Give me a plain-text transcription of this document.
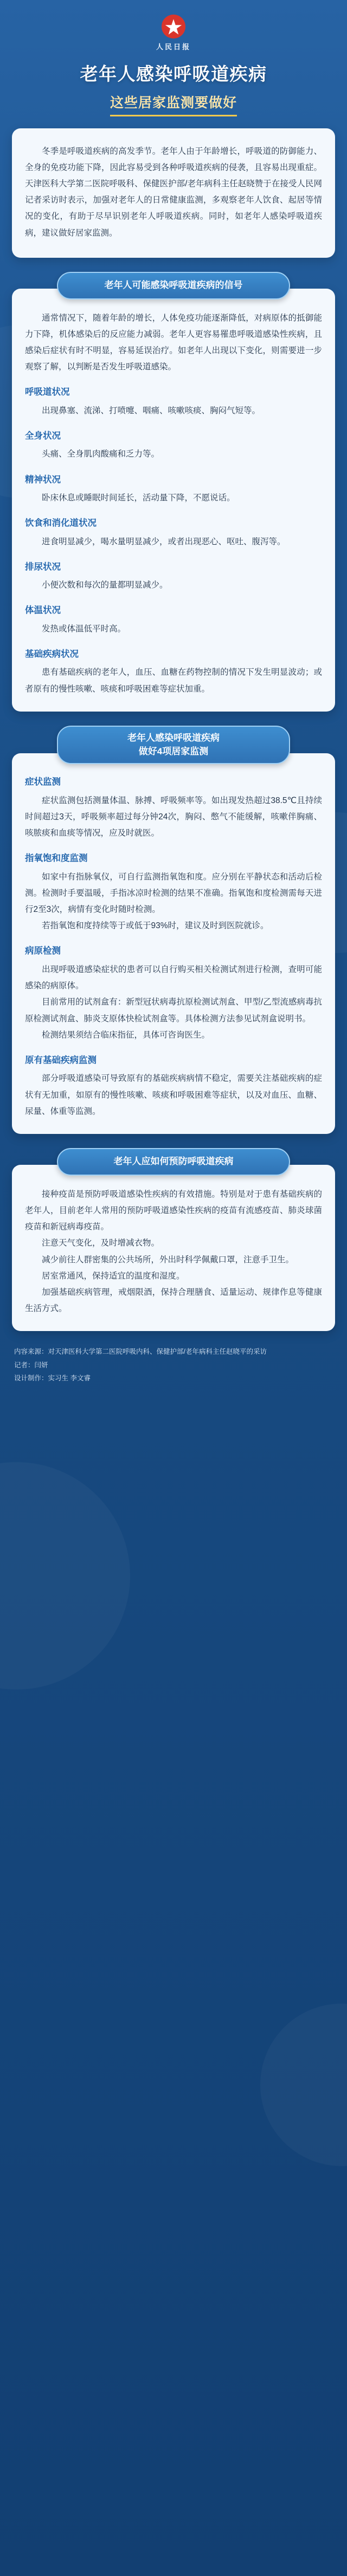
人民日报
老年人感染呼吸道疾病
这些居家监测要做好

冬季是呼吸道疾病的高发季节。老年人由于年龄增长，呼吸道的防御能力、全身的免疫功能下降，因此容易受到各种呼吸道疾病的侵袭，且容易出现重症。天津医科大学第二医院呼吸科、保健医护部/老年病科主任赵晓赞于在接受人民网记者采访时表示，加强对老年人的日常健康监测，多观察老年人饮食、起居等情况的变化，有助于尽早识别老年人呼吸道疾病。同时，如老年人感染呼吸道疾病，建议做好居家监测。

老年人可能感染呼吸道疾病的信号

通常情况下，随着年龄的增长，人体免疫功能逐渐降低，对病原体的抵御能力下降，机体感染后的反应能力减弱。老年人更容易罹患呼吸道感染性疾病，且感染后症状有时不明显，容易延误治疗。如老年人出现以下变化，则需要进一步观察了解，以判断是否发生呼吸道感染。

呼吸道状况

出现鼻塞、流涕、打喷嚏、咽痛、咳嗽咳痰、胸闷气短等。

全身状况

头痛、全身肌肉酸痛和乏力等。

精神状况

卧床休息或睡眠时间延长，活动量下降，不愿说话。

饮食和消化道状况

进食明显减少，喝水量明显减少，或者出现恶心、呕吐、腹泻等。

排尿状况

小便次数和每次的量都明显减少。

体温状况

发热或体温低平时高。

基础疾病状况

患有基础疾病的老年人，血压、血糖在药物控制的情况下发生明显波动；或者原有的慢性咳嗽、咳痰和呼吸困难等症状加重。

老年人感染呼吸道疾病
做好4项居家监测
症状监测

症状监测包括测量体温、脉搏、呼吸频率等。如出现发热超过38.5℃且持续时间超过3天，呼吸频率超过每分钟24次，胸闷、憋气不能缓解，咳嗽伴胸痛、咳脓痰和血痰等情况，应及时就医。

指氧饱和度监测

如家中有指脉氧仪，可自行监测指氧饱和度。应分别在平静状态和活动后检测。检测时手要温暖，手指冰凉时检测的结果不准确。指氧饱和度检测需每天进行2至3次，病情有变化时随时检测。

若指氧饱和度持续等于或低于93%时，建议及时到医院就诊。

病原检测

出现呼吸道感染症状的患者可以自行购买相关检测试剂进行检测，查明可能感染的病原体。

目前常用的试剂盒有：新型冠状病毒抗原检测试剂盒、甲型/乙型流感病毒抗原检测试剂盒、肺炎支原体快检试剂盒等。具体检测方法参见试剂盒说明书。

检测结果须结合临床指征，具体可咨询医生。

原有基础疾病监测

部分呼吸道感染可导致原有的基础疾病病情不稳定，需要关注基础疾病的症状有无加重，如原有的慢性咳嗽、咳痰和呼吸困难等症状，以及对血压、血糖、尿量、体重等监测。

老年人应如何预防呼吸道疾病

接种疫苗是预防呼吸道感染性疾病的有效措施。特别是对于患有基础疾病的老年人，目前老年人常用的预防呼吸道感染性疾病的疫苗有流感疫苗、肺炎球菌疫苗和新冠病毒疫苗。

注意天气变化，及时增减衣物。

减少前往人群密集的公共场所，外出时科学佩戴口罩，注意手卫生。

居室常通风，保持适宜的温度和湿度。

加强基础疾病管理，戒烟限酒，保持合理膳食、适量运动、规律作息等健康生活方式。

内容来源：对天津医科大学第二医院呼吸内科、保健护部/老年病科主任赵晓平的采访
记者：闫妍
设计制作：实习生 李文睿
